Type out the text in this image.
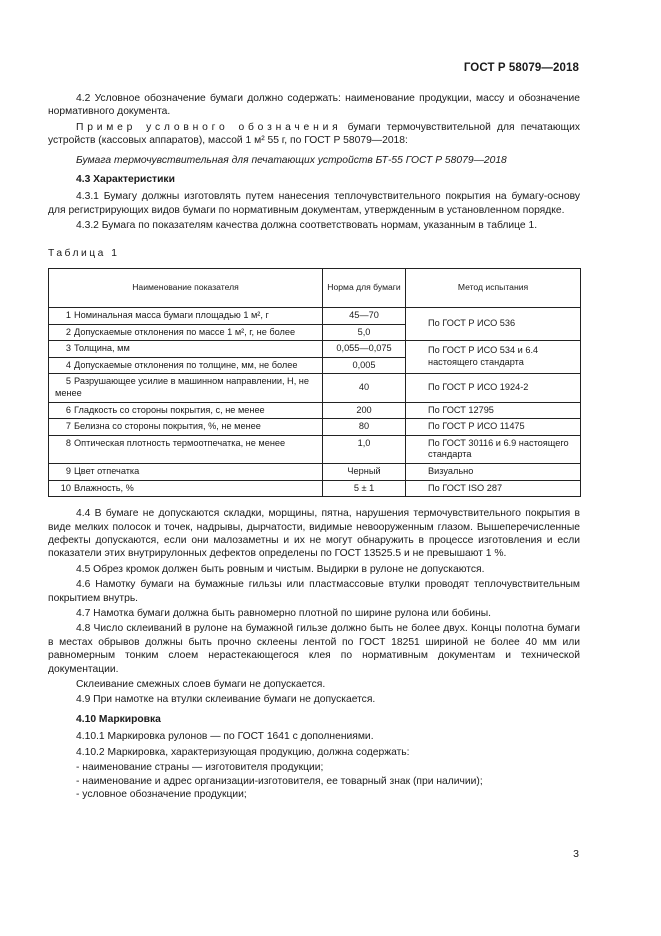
ГОСТ Р 58079—2018

4.2 Условное обозначение бумаги должно содержать: наименование продукции, массу и обозначение нормативного документа.

Пример условного обозначения бумаги термочувствительной для печатающих устройств (кассовых аппаратов), массой 1 м² 55 г, по ГОСТ Р 58079—2018:

Бумага термочувствительная для печатающих устройств БТ-55 ГОСТ Р 58079—2018

4.3 Характеристики

4.3.1 Бумагу должны изготовлять путем нанесения теплочувствительного покрытия на бумагу-основу для регистрирующих видов бумаги по нормативным документам, утвержденным в установленном порядке.

4.3.2 Бумага по показателям качества должна соответствовать нормам, указанным в таблице 1.

Таблица 1
Наименование показателя	Норма для бумаги	Метод испытания
1 Номинальная масса бумаги площадью 1 м², г	45—70	По ГОСТ Р ИСО 536
2 Допускаемые отклонения по массе 1 м², г, не более	5,0	
3 Толщина, мм	0,055—0,075	По ГОСТ Р ИСО 534 и 6.4 настоящего стандарта
4 Допускаемые отклонения по толщине, мм, не более	0,005	
5 Разрушающее усилие в машинном направлении, Н, не менее	40	По ГОСТ Р ИСО 1924-2
6 Гладкость со стороны покрытия, с, не менее	200	По ГОСТ 12795
7 Белизна со стороны покрытия, %, не менее	80	По ГОСТ Р ИСО 11475
8 Оптическая плотность термоотпечатка, не менее	1,0	По ГОСТ 30116 и 6.9 настоящего стандарта
9 Цвет отпечатка	Черный	Визуально
10 Влажность, %	5 ± 1	По ГОСТ ISO 287

4.4 В бумаге не допускаются складки, морщины, пятна, нарушения термочувствительного покрытия в виде мелких полосок и точек, надрывы, дырчатости, видимые невооруженным глазом. Вышеперечисленные дефекты допускаются, если они малозаметны и их не могут обнаружить в процессе изготовления и если показатели этих внутрирулонных дефектов определены по ГОСТ 13525.5 и не превышают 1 %.

4.5 Обрез кромок должен быть ровным и чистым. Выдирки в рулоне не допускаются.

4.6 Намотку бумаги на бумажные гильзы или пластмассовые втулки проводят теплочувствительным покрытием внутрь.

4.7 Намотка бумаги должна быть равномерно плотной по ширине рулона или бобины.

4.8 Число склеиваний в рулоне на бумажной гильзе должно быть не более двух. Концы полотна бумаги в местах обрывов должны быть прочно склеены лентой по ГОСТ 18251 шириной не более 40 мм или равномерным тонким слоем нерастекающегося клея по нормативным документам и технической документации.

Склеивание смежных слоев бумаги не допускается.

4.9 При намотке на втулки склеивание бумаги не допускается.

4.10 Маркировка

4.10.1 Маркировка рулонов — по ГОСТ 1641 с дополнениями.

4.10.2 Маркировка, характеризующая продукцию, должна содержать:

- наименование страны — изготовителя продукции;

- наименование и адрес организации-изготовителя, ее товарный знак (при наличии);

- условное обозначение продукции;

3
